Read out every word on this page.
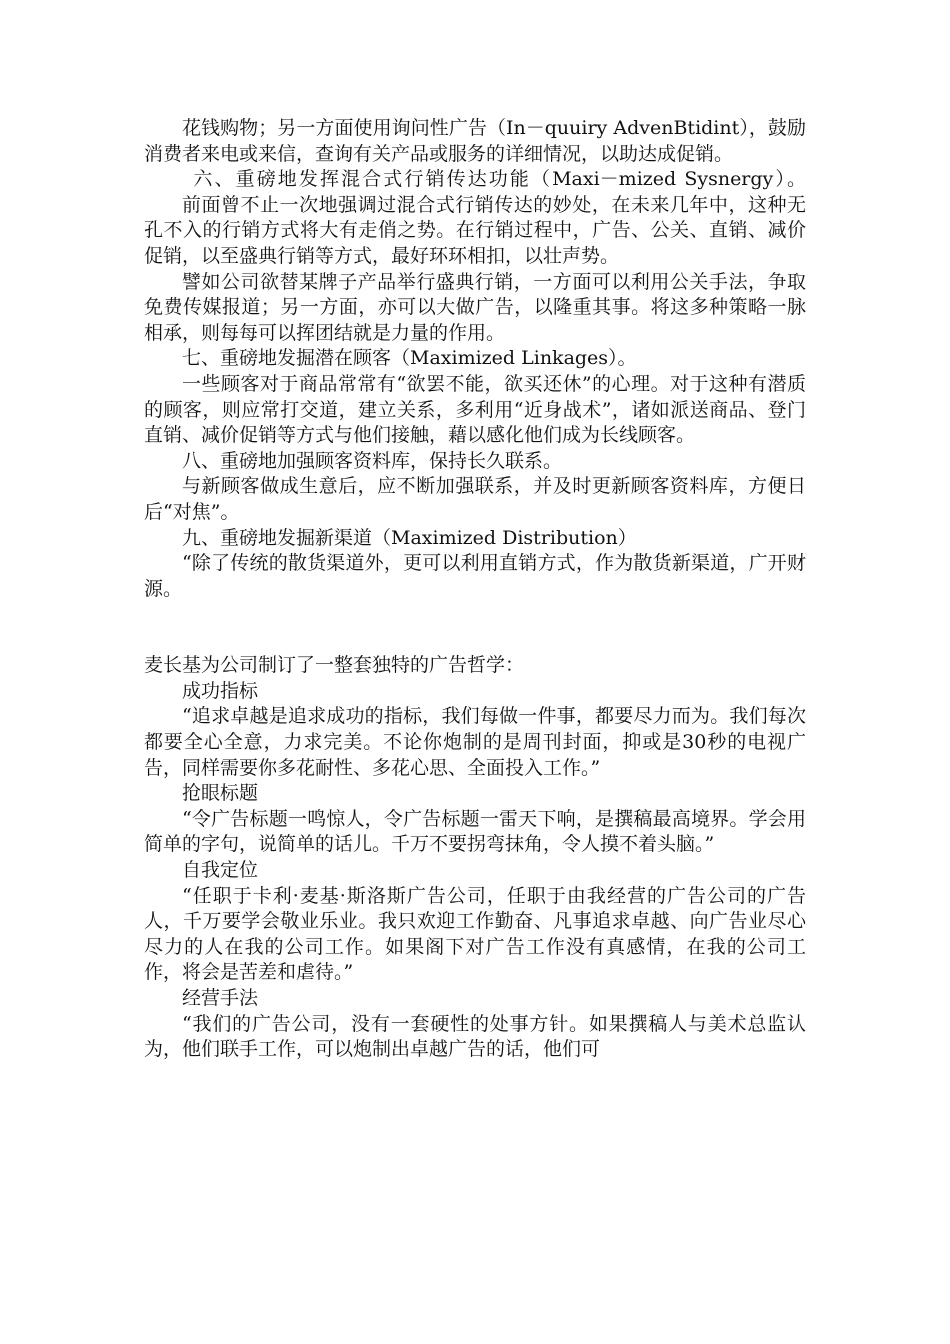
花钱购物；另一方面使用询问性广告（In－quuiry AdvenBtidint），鼓励消费者来电或来信，查询有关产品或服务的详细情况，以助达成促销。

六、重磅地发挥混合式行销传达功能（Maxi－mized Sysnergy）。

前面曾不止一次地强调过混合式行销传达的妙处，在未来几年中，这种无孔不入的行销方式将大有走俏之势。在行销过程中，广告、公关、直销、减价促销，以至盛典行销等方式，最好环环相扣，以壮声势。

譬如公司欲替某牌子产品举行盛典行销，一方面可以利用公关手法，争取免费传媒报道；另一方面，亦可以大做广告，以隆重其事。将这多种策略一脉相承，则每每可以挥团结就是力量的作用。

七、重磅地发掘潜在顾客（Maximized Linkages）。

一些顾客对于商品常常有“欲罢不能，欲买还休”的心理。对于这种有潜质的顾客，则应常打交道，建立关系，多利用“近身战术”，诸如派送商品、登门直销、减价促销等方式与他们接触，藉以感化他们成为长线顾客。

八、重磅地加强顾客资料库，保持长久联系。

与新顾客做成生意后，应不断加强联系，并及时更新顾客资料库，方便日后“对焦”。

九、重磅地发掘新渠道（Maximized Distribution）

“除了传统的散货渠道外，更可以利用直销方式，作为散货新渠道，广开财源。

麦长基为公司制订了一整套独特的广告哲学：

成功指标

“追求卓越是追求成功的指标，我们每做一件事，都要尽力而为。我们每次都要全心全意，力求完美。不论你炮制的是周刊封面，抑或是30秒的电视广告，同样需要你多花耐性、多花心思、全面投入工作。”

抢眼标题

“令广告标题一鸣惊人，令广告标题一雷天下响，是撰稿最高境界。学会用简单的字句，说简单的话儿。千万不要拐弯抹角，令人摸不着头脑。”

自我定位

“任职于卡利·麦基·斯洛斯广告公司，任职于由我经营的广告公司的广告人，千万要学会敬业乐业。我只欢迎工作勤奋、凡事追求卓越、向广告业尽心尽力的人在我的公司工作。如果阁下对广告工作没有真感情，在我的公司工作，将会是苦差和虐待。”

经营手法

“我们的广告公司，没有一套硬性的处事方针。如果撰稿人与美术总监认为，他们联手工作，可以炮制出卓越广告的话，他们可
